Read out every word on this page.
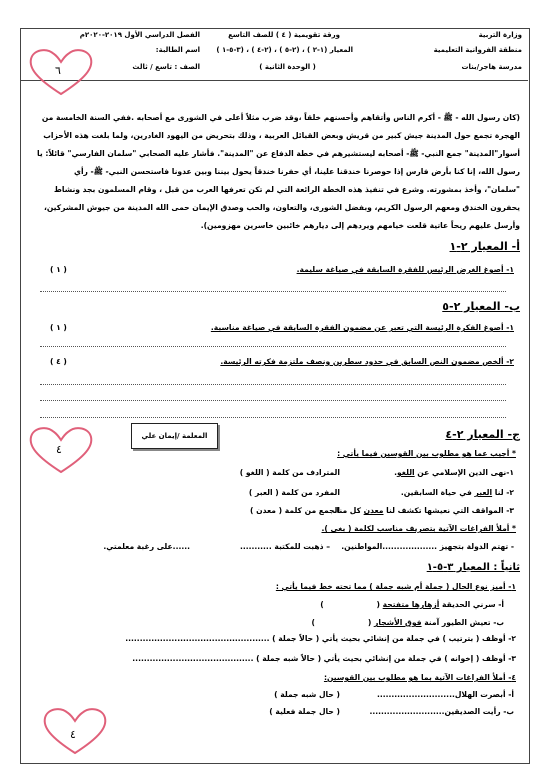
وزارة التربية
منطقة الفروانية التعليمية
مدرسة هاجر/بنات
ورقة تقويمية ( ٤ ) للصف التاسع
المعيار (١-٢ ) ، (٢-٥ ) ، (٢-٤ ) ، (٣-٥-١ )
( الوحدة الثانية )
الفصل الدراسي الأول ٢٠١٩-٢٠٢٠م
اسم الطالبة:
الصف : تاسع / ثالث
٦
٤
٤
(كان رسول الله - ﷺ - أكرم الناس وأتقاهم وأحسنهم خلقاً ،وقد ضرب مثلاً أعلى في الشورى مع أصحابه .ففي السنة الخامسة من
الهجرة تجمع حول المدينة جيش كبير من قريش وبعض القبائل العربية ، وذلك بتحريض من اليهود الغادرين، ولما بلغت هذه الأحزاب
أسوار"المدينة" جمع النبي- ﷺ- أصحابه ليستشيرهم في خطة الدفاع عن "المدينة". فأشار عليه الصحابي "سلمان الفارسي" قائلاً: يا
رسول الله، إنا كنا بأرض فارس إذا حوصرنا خندقنا علينا، أي حفرنا خندقاً يحول بيننا وبين عدونا فاستحسن النبي- ﷺ- رأي
"سلمان"، وأخذ بمشورته. وشرع في تنفيذ هذه الخطة الرائعة التي لم تكن تعرفها العرب من قبل ، وقام المسلمون بجد ونشاط
يحفرون الخندق ومعهم الرسول الكريم، وبفضل الشورى، والتعاون، والحب وصدق الإيمان حمى الله المدينة من جيوش المشركين،
وأرسل عليهم ريحاً عاتية قلعت خيامهم ويردهم إلى ديارهم خائبين خاسرين مهزومين).
أ- المعيار ٢-١
١- أصوغ الغرض الرئيس للفقرة السابقة في صياغة سليمة.
( ١ )
ب- المعيار ٢-٥
١- أصوغ الفكرة الرئيسة التي تعبر عن مضمون الفقرة السابقة في صياغة مناسبة.
( ١ )
٢- ألخص مضمون النص السابق في حدود سطرين ونصف ملتزمة فكرته الرئيسة.
( ٤ )
المعلمة /إيمان علي	ج- المعيار ٢-٤
* أجيب عما هو مطلوب بين القوسين فيما يأتي :
١-نهى الدين الإسلامي عن اللغو.
المترادف من كلمة ( اللغو )
٢- لنا العبر في حياة السابقين.
المفرد من كلمة ( العبر )
٣- المواقف التي نعيشها تكشف لنا معدن كل منا.
الجمع من كلمة ( معدن )
* أملأ الفراغات الآتية بتصريف مناسب لكلمة ( بغى ).
- تهتم الدولة بتجهيز ...................المواطنين.
– ذهبت للمكتبة ...........
......على رغبة معلمتي.
ثانياً : المعيار ٣-٥-١
١- أميز نوع الحال ( جملة أم شبه جملة ) مما تحته خط فيما يأتي :
أ- سرني الحديقة أزهارها متفتحة (                    )
ب- تعيش الطيور آمنة فوق الأشجار (                    )
٢- أوظف ( بترتيب ) في جملة من إنشائي بحيث يأتي ( حالاً جملة ) ..................................................
٣- أوظف ( إخوانه ) في جملة من إنشائي بحيث يأتي ( حالاً شبه جملة ) ..........................................
٤- أملأ الفراغات الآتية بما هو مطلوب بين القوسين:
أ- أبصرت الهلال...........................
( حال شبه جملة )
ب- رأيت الصديقين..........................
( حال جملة فعلية )
